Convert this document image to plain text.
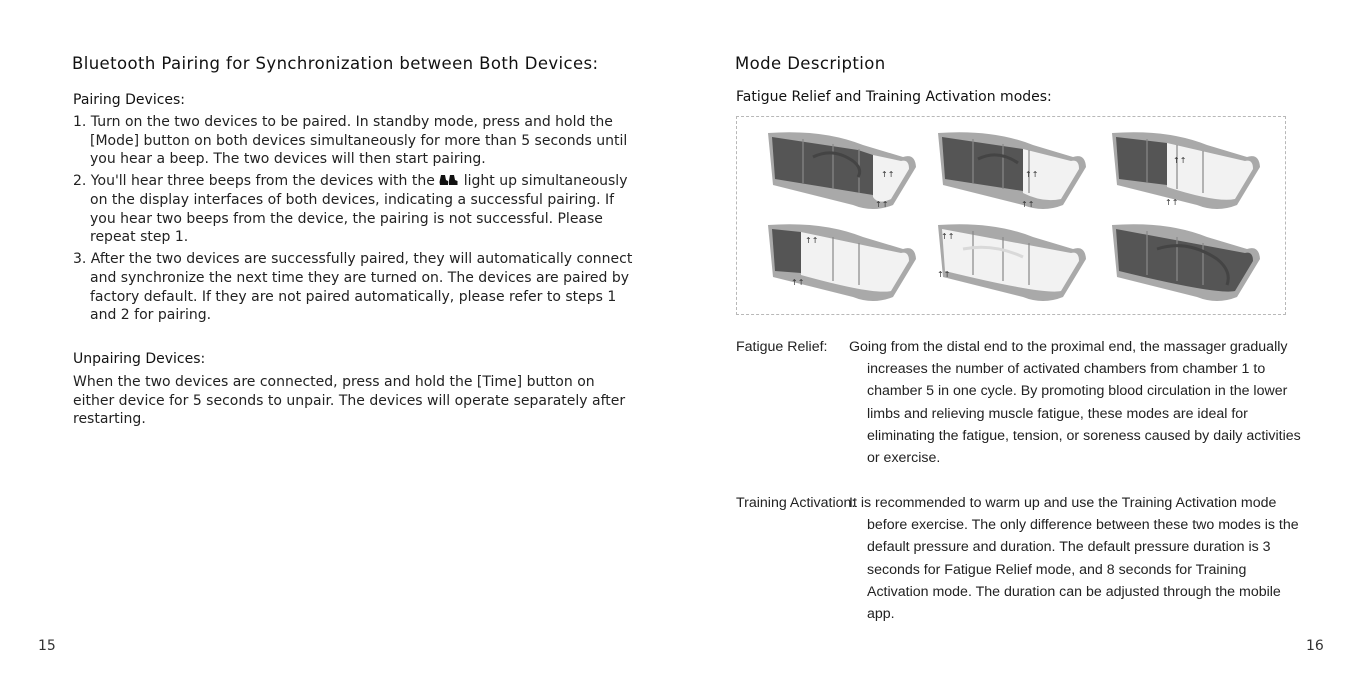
Bluetooth Pairing for Synchronization between Both Devices:
Pairing Devices:
1. Turn on the two devices to be paired. In standby mode, press and hold the [Mode] button on both devices simultaneously for more than 5 seconds until you hear a beep. The two devices will then start pairing.
2. You'll hear three beeps from the devices with the  light up simultaneously on the display interfaces of both devices, indicating a successful pairing. If you hear two beeps from the device, the pairing is not successful. Please repeat step 1.
3. After the two devices are successfully paired, they will automatically connect and synchronize the next time they are turned on. The devices are paired by factory default. If they are not paired automatically, please refer to steps 1 and 2 for pairing.
Unpairing Devices:

When the two devices are connected, press and hold the [Time] button on either device for 5 seconds to unpair. The devices will operate separately after restarting.

15
Mode Description
Fatigue Relief and Training Activation modes:
↑↑
↑↑
↑↑
↑↑
↑↑
↑↑
↑↑
↑↑
↑↑
↑↑
Fatigue Relief: Going from the distal end to the proximal end, the massager gradually increases the number of activated chambers from chamber 1 to chamber 5 in one cycle. By promoting blood circulation in the lower limbs and relieving muscle fatigue, these modes are ideal for eliminating the fatigue, tension, or soreness caused by daily activities or exercise.
Training Activation:
It is recommended to warm up and use the Training Activation mode before exercise. The only difference between these two modes is the default pressure and duration. The default pressure duration is 3 seconds for Fatigue Relief mode, and 8 seconds for Training Activation mode. The duration can be adjusted through the mobile app.
16
